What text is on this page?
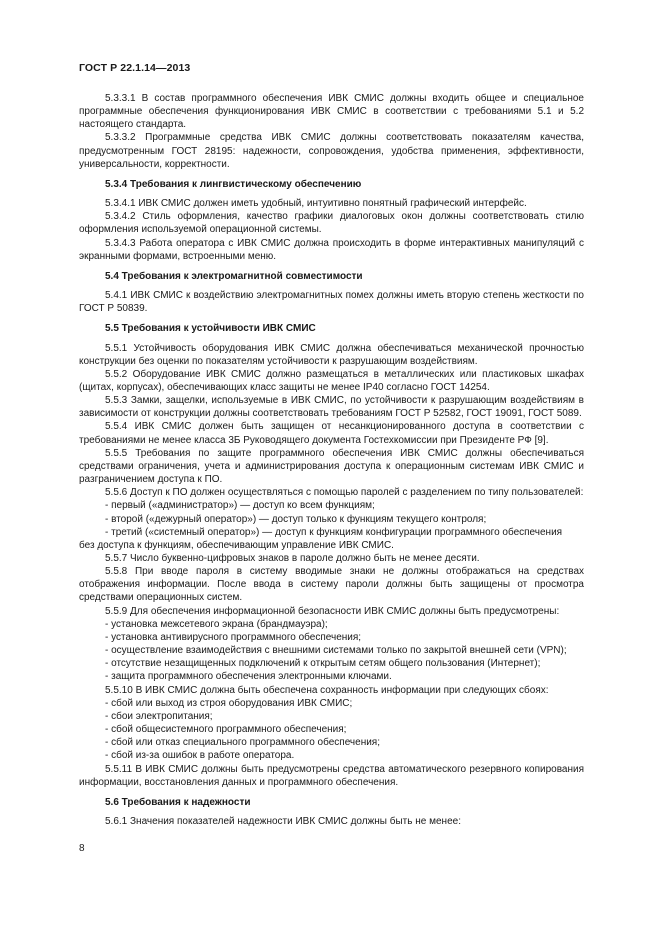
ГОСТ Р 22.1.14—2013

5.3.3.1 В состав программного обеспечения ИВК СМИС должны входить общее и специальное программные обеспечения функционирования ИВК СМИС в соответствии с требованиями 5.1 и 5.2 настоящего стандарта.

5.3.3.2 Программные средства ИВК СМИС должны соответствовать показателям качества, предусмотренным ГОСТ 28195: надежности, сопровождения, удобства применения, эффективности, универсальности, корректности.

5.3.4 Требования к лингвистическому обеспечению

5.3.4.1 ИВК СМИС должен иметь удобный, интуитивно понятный графический интерфейс.

5.3.4.2 Стиль оформления, качество графики диалоговых окон должны соответствовать стилю оформления используемой операционной системы.

5.3.4.3 Работа оператора с ИВК СМИС должна происходить в форме интерактивных манипуляций с экранными формами, встроенными меню.

5.4 Требования к электромагнитной совместимости

5.4.1 ИВК СМИС к воздействию электромагнитных помех должны иметь вторую степень жесткости по ГОСТ Р 50839.

5.5 Требования к устойчивости ИВК СМИС

5.5.1 Устойчивость оборудования ИВК СМИС должна обеспечиваться механической прочностью конструкции без оценки по показателям устойчивости к разрушающим воздействиям.

5.5.2 Оборудование ИВК СМИС должно размещаться в металлических или пластиковых шкафах (щитах, корпусах), обеспечивающих класс защиты не менее IP40 согласно ГОСТ 14254.

5.5.3 Замки, защелки, используемые в ИВК СМИС, по устойчивости к разрушающим воздействиям в зависимости от конструкции должны соответствовать требованиям ГОСТ Р 52582, ГОСТ 19091, ГОСТ 5089.

5.5.4 ИВК СМИС должен быть защищен от несанкционированного доступа в соответствии с требованиями не менее класса 3Б Руководящего документа Гостехкомиссии при Президенте РФ [9].

5.5.5 Требования по защите программного обеспечения ИВК СМИС должны обеспечиваться средствами ограничения, учета и администрирования доступа к операционным системам ИВК СМИС и разграничением доступа к ПО.

5.5.6 Доступ к ПО должен осуществляться с помощью паролей с разделением по типу пользователей:

- первый («администратор») — доступ ко всем функциям;

- второй («дежурный оператор») — доступ только к функциям текущего контроля;

- третий («системный оператор») — доступ к функциям конфигурации программного обеспечения

без доступа к функциям, обеспечивающим управление ИВК СМИС.

5.5.7 Число буквенно-цифровых знаков в пароле должно быть не менее десяти.

5.5.8 При вводе пароля в систему вводимые знаки не должны отображаться на средствах отображения информации. После ввода в систему пароли должны быть защищены от просмотра средствами операционных систем.

5.5.9 Для обеспечения информационной безопасности ИВК СМИС должны быть предусмотрены:

- установка межсетевого экрана (брандмауэра);

- установка антивирусного программного обеспечения;

- осуществление взаимодействия с внешними системами только по закрытой внешней сети (VPN);

- отсутствие незащищенных подключений к открытым сетям общего пользования (Интернет);

- защита программного обеспечения электронными ключами.

5.5.10 В ИВК СМИС должна быть обеспечена сохранность информации при следующих сбоях:

- сбой или выход из строя оборудования ИВК СМИС;

- сбои электропитания;

- сбой общесистемного программного обеспечения;

- сбой или отказ специального программного обеспечения;

- сбой из-за ошибок в работе оператора.

5.5.11 В ИВК СМИС должны быть предусмотрены средства автоматического резервного копирования информации, восстановления данных и программного обеспечения.

5.6 Требования к надежности

5.6.1 Значения показателей надежности ИВК СМИС должны быть не менее:

8
